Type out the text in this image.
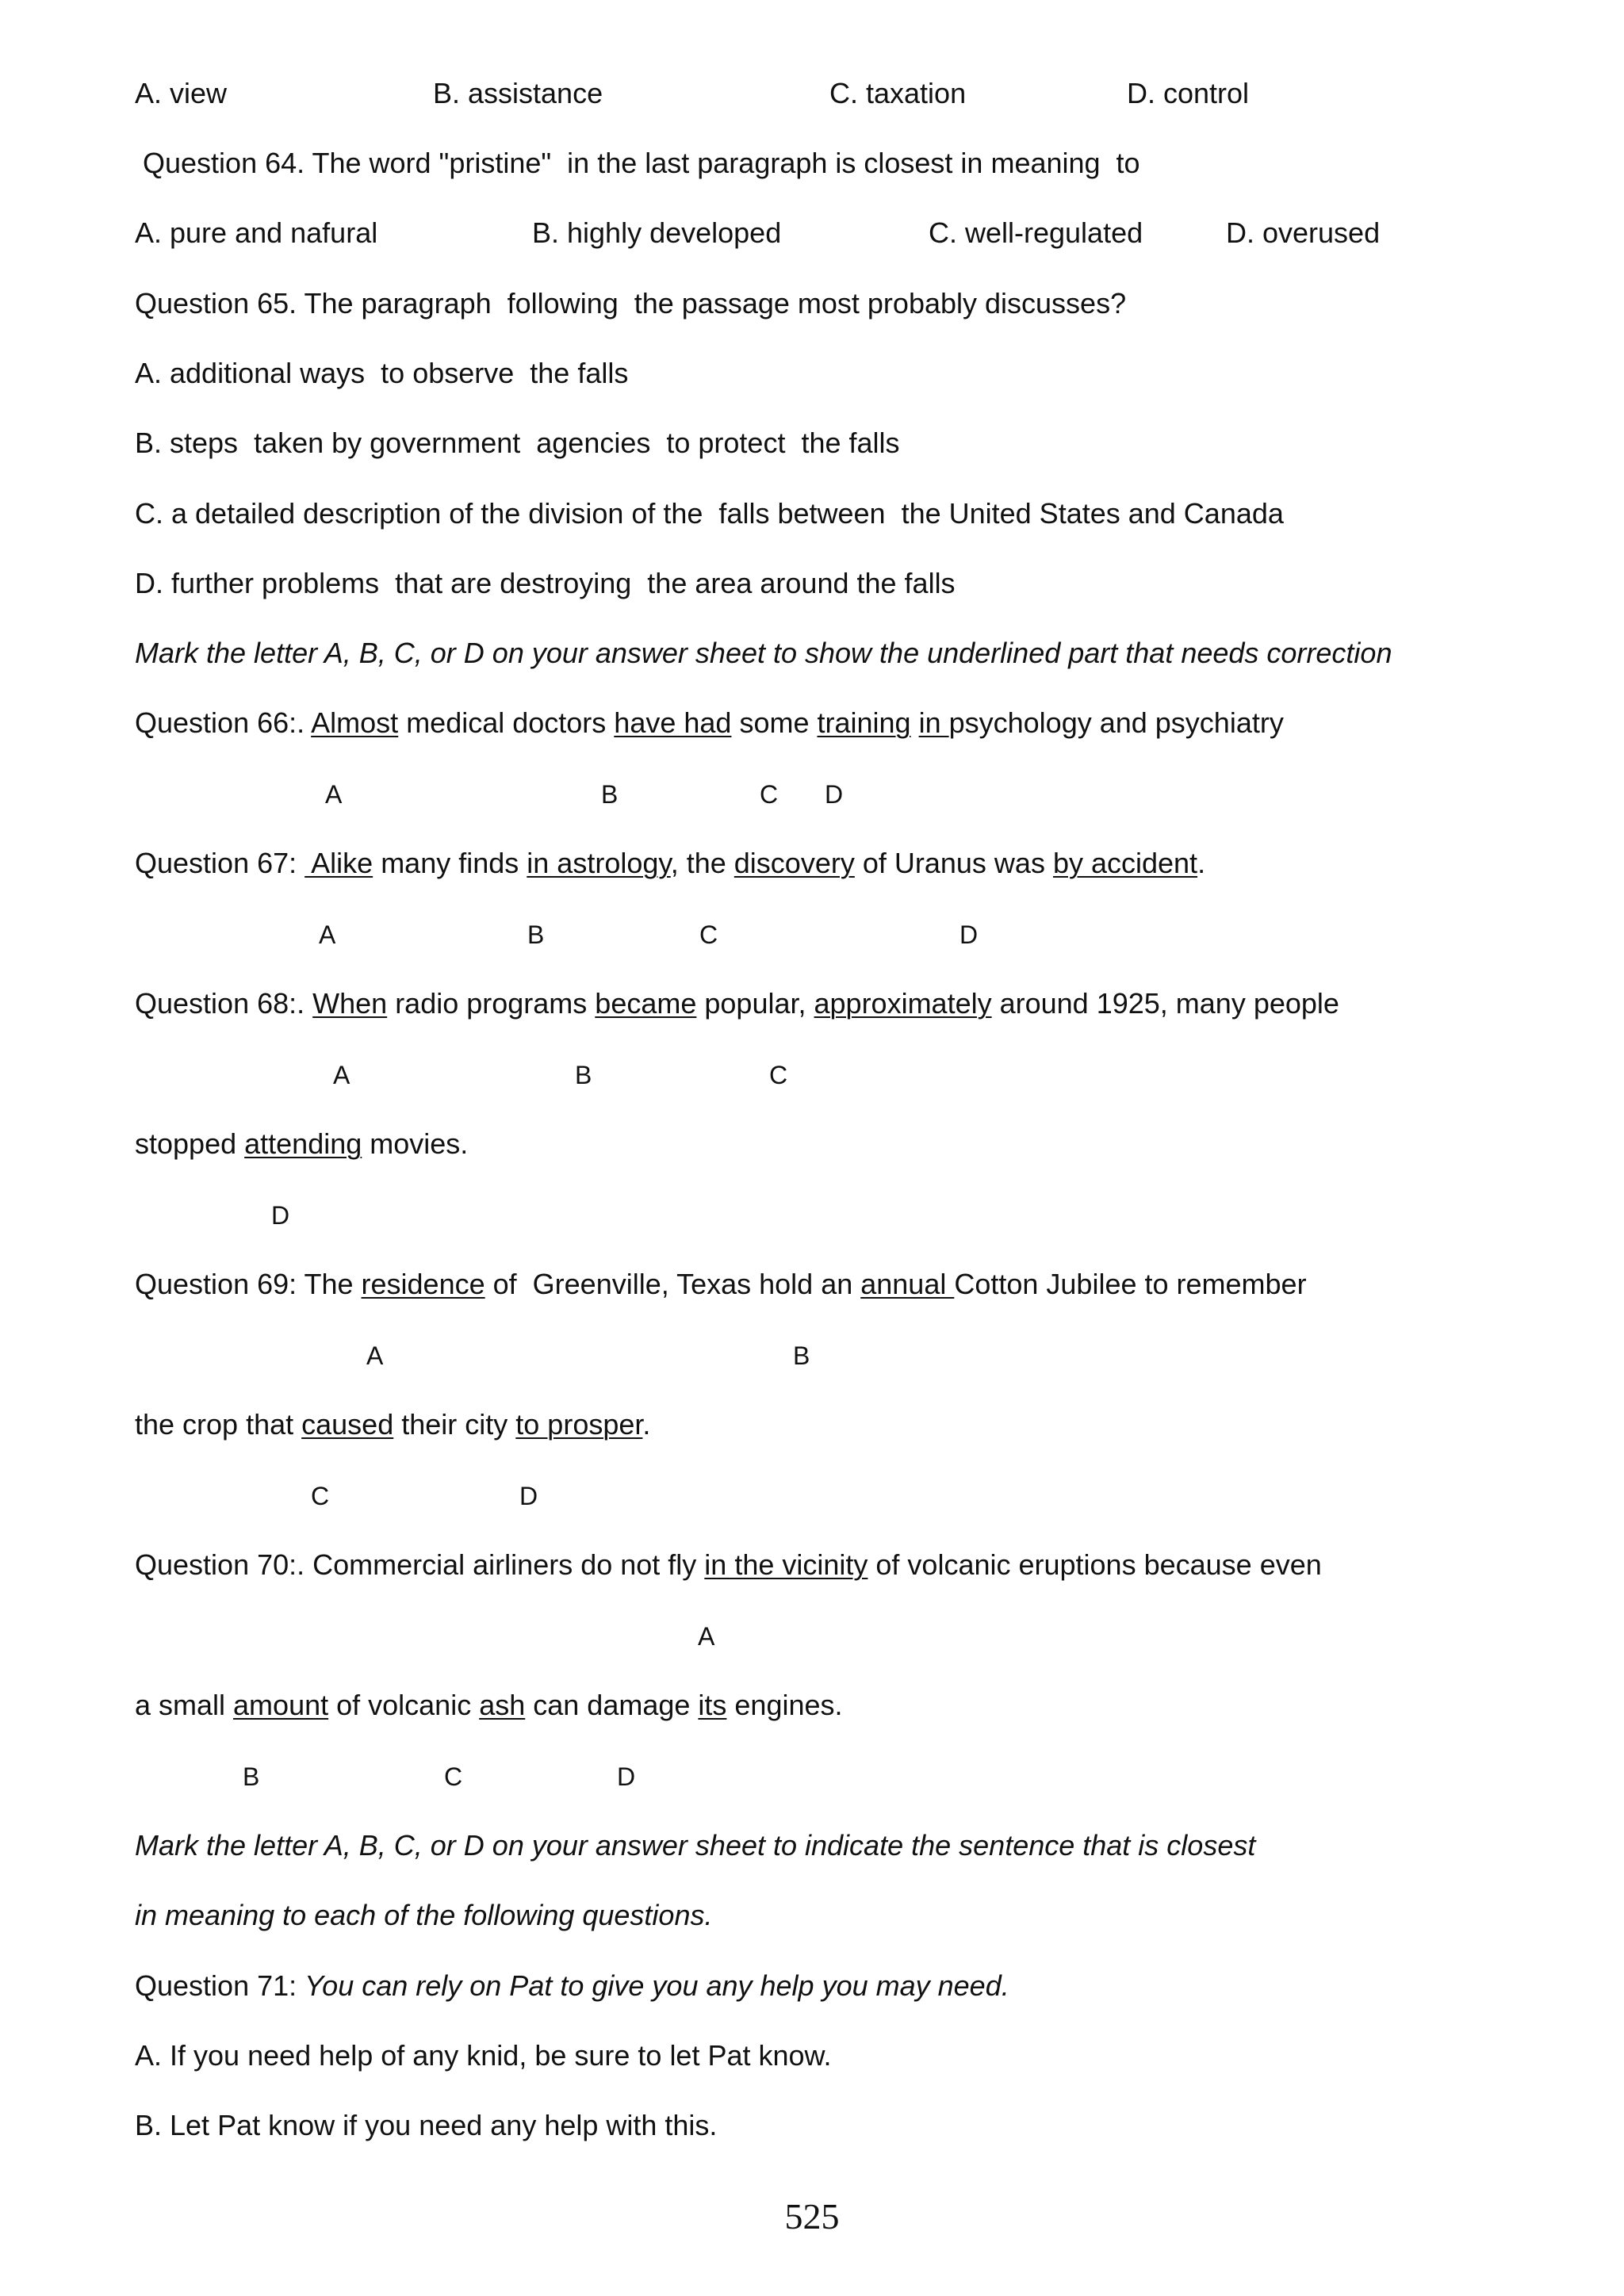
A. view	B. assistance	C. taxation	D. control
Question 64. The word "pristine"  in the last paragraph is closest in meaning  to
A. pure and nafural	B. highly developed	C. well-regulated	D. overused
Question 65. The paragraph  following  the passage most probably discusses?
A. additional ways  to observe  the falls
B. steps  taken by government  agencies  to protect  the falls
C. a detailed description of the division of the  falls between  the United States and Canada
D. further problems  that are destroying  the area around the falls
Mark the letter A, B, C, or D on your answer sheet to show the underlined part that needs correction
Question 66:. Almost medical doctors have had some training in psychology and psychiatry
A	B	C D
Question 67:  Alike many finds in astrology, the discovery of Uranus was by accident.
A	B	C	D
Question 68:. When radio programs became popular, approximately around 1925, many people
A	B	C
stopped attending movies.
D
Question 69: The residence of  Greenville, Texas hold an annual Cotton Jubilee to remember
A	B
the crop that caused their city to prosper.
C	D
Question 70:. Commercial airliners do not fly in the vicinity of volcanic eruptions because even
A
a small amount of volcanic ash can damage its engines.
B	C	D
Mark the letter A, B, C, or D on your answer sheet to indicate the sentence that is closest
in meaning to each of the following questions.
Question 71: You can rely on Pat to give you any help you may need.
A. If you need help of any knid, be sure to let Pat know.
B. Let Pat know if you need any help with this.
525
